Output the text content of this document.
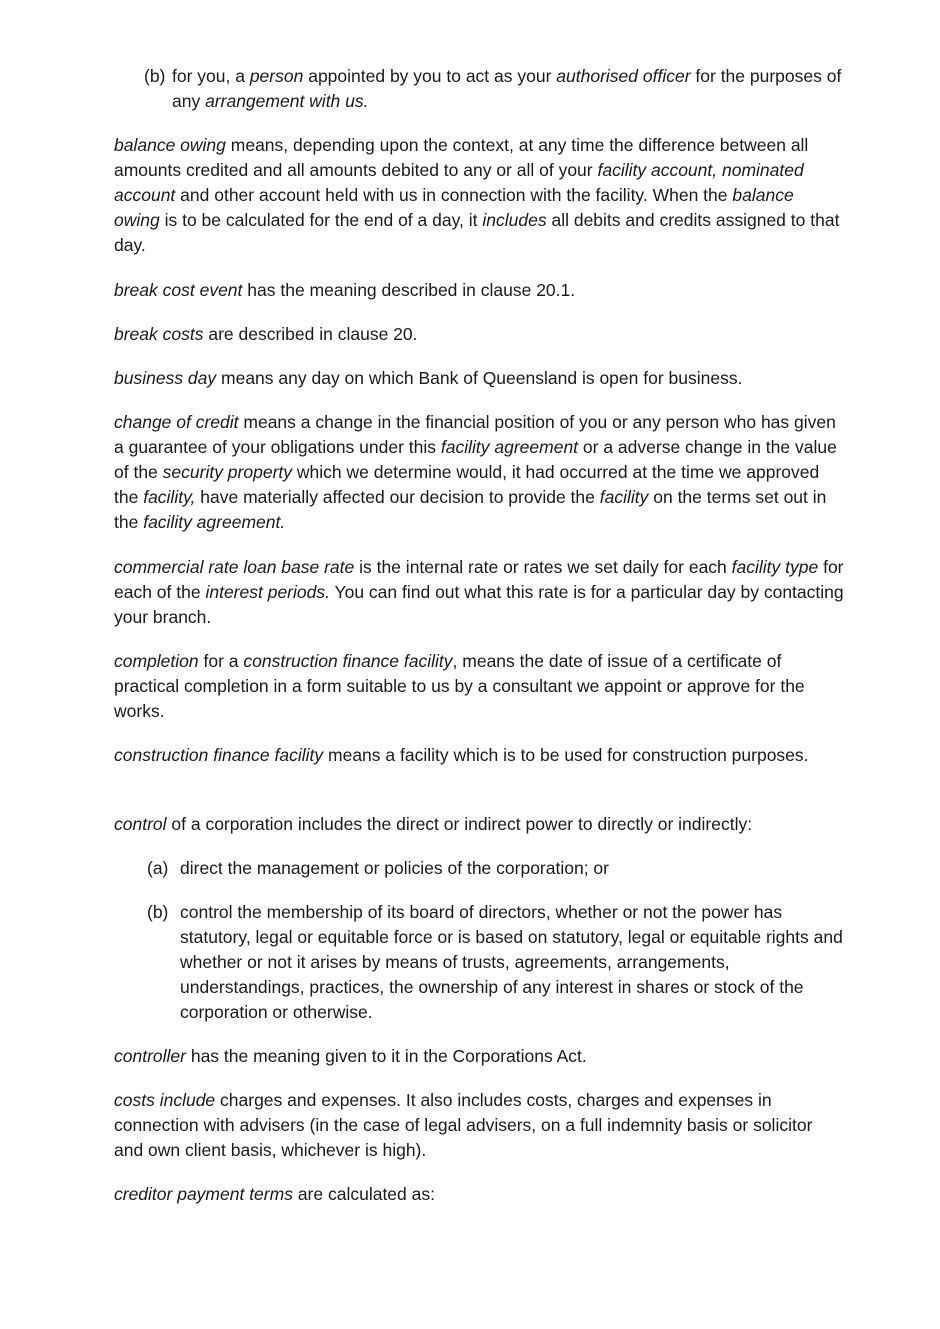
(b) for you, a person appointed by you to act as your authorised officer for the purposes of any arrangement with us.

balance owing means, depending upon the context, at any time the difference between all amounts credited and all amounts debited to any or all of your facility account, nominated account and other account held with us in connection with the facility. When the balance owing is to be calculated for the end of a day, it includes all debits and credits assigned to that day.

break cost event has the meaning described in clause 20.1.

break costs are described in clause 20.

business day means any day on which Bank of Queensland is open for business.

change of credit means a change in the financial position of you or any person who has given a guarantee of your obligations under this facility agreement or a adverse change in the value of the security property which we determine would, it had occurred at the time we approved the facility, have materially affected our decision to provide the facility on the terms set out in the facility agreement.

commercial rate loan base rate is the internal rate or rates we set daily for each facility type for each of the interest periods. You can find out what this rate is for a particular day by contacting your branch.

completion for a construction finance facility, means the date of issue of a certificate of practical completion in a form suitable to us by a consultant we appoint or approve for the works.

construction finance facility means a facility which is to be used for construction purposes.

control of a corporation includes the direct or indirect power to directly or indirectly:

(a) direct the management or policies of the corporation; or
(b) control the membership of its board of directors, whether or not the power has statutory, legal or equitable force or is based on statutory, legal or equitable rights and whether or not it arises by means of trusts, agreements, arrangements, understandings, practices, the ownership of any interest in shares or stock of the corporation or otherwise.

controller has the meaning given to it in the Corporations Act.

costs include charges and expenses. It also includes costs, charges and expenses in connection with advisers (in the case of legal advisers, on a full indemnity basis or solicitor and own client basis, whichever is high).

creditor payment terms are calculated as:
